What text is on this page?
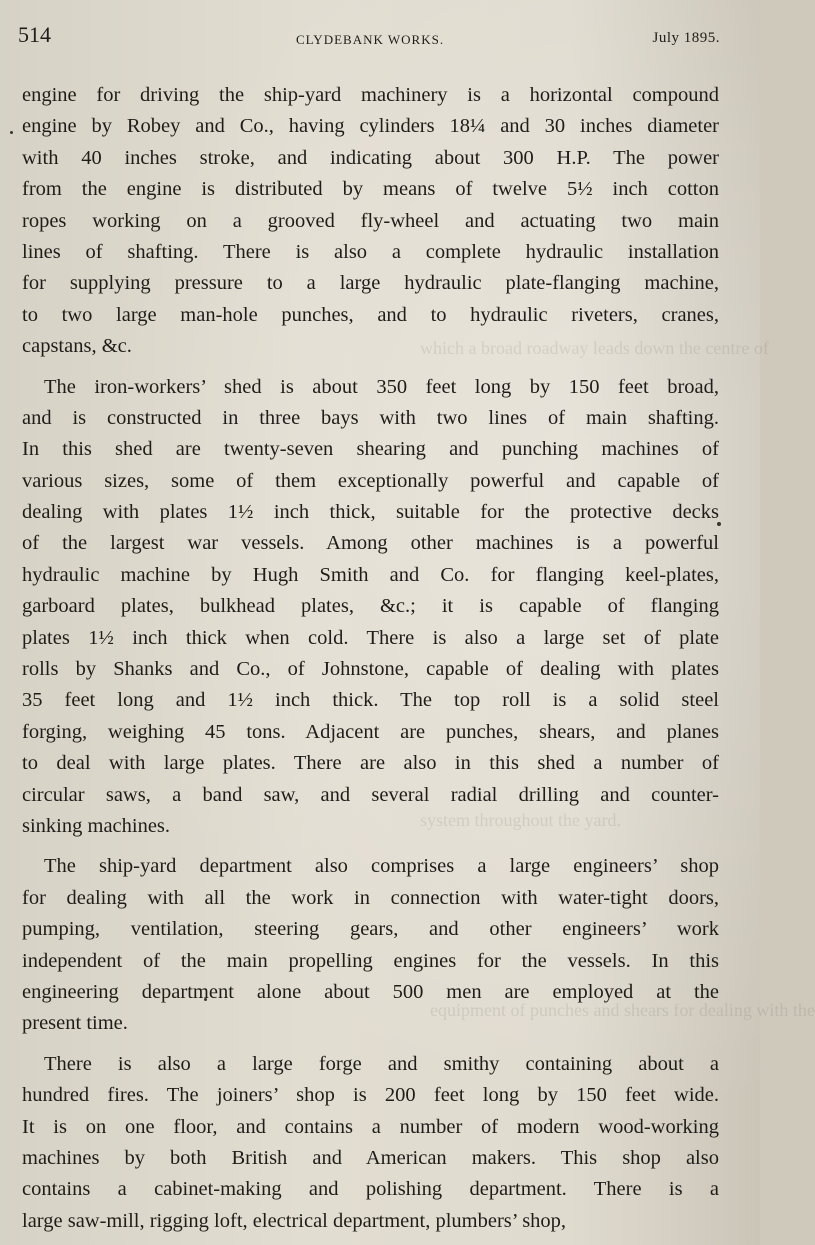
514	CLYDEBANK WORKS.	July 1895.
which a broad roadway leads down the centre of
system throughout the yard.
equipment of punches and shears for dealing with the
engine for driving the ship-yard machinery is a horizontal compound
engine by Robey and Co., having cylinders 18¼ and 30 inches diameter
with 40 inches stroke, and indicating about 300 H.P. The power
from the engine is distributed by means of twelve 5½ inch cotton
ropes working on a grooved fly-wheel and actuating two main
lines of shafting. There is also a complete hydraulic installation
for supplying pressure to a large hydraulic plate-flanging machine,
to two large man-hole punches, and to hydraulic riveters, cranes,
capstans, &c.
The iron-workers’ shed is about 350 feet long by 150 feet broad,
and is constructed in three bays with two lines of main shafting.
In this shed are twenty-seven shearing and punching machines of
various sizes, some of them exceptionally powerful and capable of
dealing with plates 1½ inch thick, suitable for the protective decks
of the largest war vessels. Among other machines is a powerful
hydraulic machine by Hugh Smith and Co. for flanging keel-plates,
garboard plates, bulkhead plates, &c.; it is capable of flanging
plates 1½ inch thick when cold. There is also a large set of plate
rolls by Shanks and Co., of Johnstone, capable of dealing with plates
35 feet long and 1½ inch thick. The top roll is a solid steel
forging, weighing 45 tons. Adjacent are punches, shears, and planes
to deal with large plates. There are also in this shed a number of
circular saws, a band saw, and several radial drilling and counter-
sinking machines.
The ship-yard department also comprises a large engineers’ shop
for dealing with all the work in connection with water-tight doors,
pumping, ventilation, steering gears, and other engineers’ work
independent of the main propelling engines for the vessels. In this
engineering department alone about 500 men are employed at the
present time.
There is also a large forge and smithy containing about a
hundred fires. The joiners’ shop is 200 feet long by 150 feet wide.
It is on one floor, and contains a number of modern wood-working
machines by both British and American makers. This shop also
contains a cabinet-making and polishing department. There is a
large saw-mill, rigging loft, electrical department, plumbers’ shop,
